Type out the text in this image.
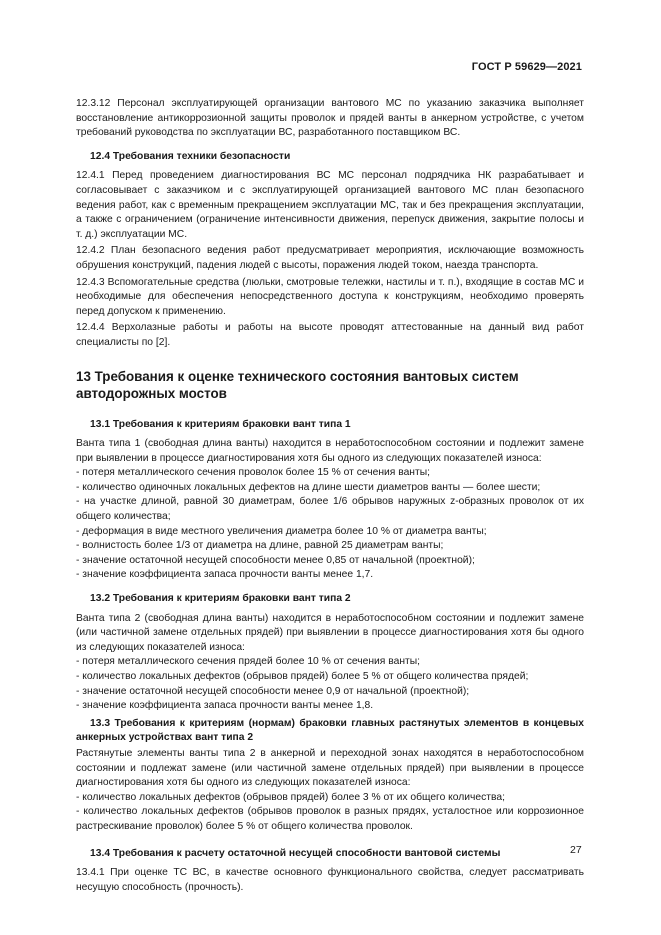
ГОСТ Р 59629—2021

12.3.12 Персонал эксплуатирующей организации вантового МС по указанию заказчика выполняет восстановление антикоррозионной защиты проволок и прядей ванты в анкерном устройстве, с учетом требований руководства по эксплуатации ВС, разработанного поставщиком ВС.

12.4 Требования техники безопасности

12.4.1 Перед проведением диагностирования ВС МС персонал подрядчика НК разрабатывает и согласовывает с заказчиком и с эксплуатирующей организацией вантового МС план безопасного ведения работ, как с временным прекращением эксплуатации МС, так и без прекращения эксплуатации, а также с ограничением (ограничение интенсивности движения, перепуск движения, закрытие полосы и т. д.) эксплуатации МС.

12.4.2 План безопасного ведения работ предусматривает мероприятия, исключающие возможность обрушения конструкций, падения людей с высоты, поражения людей током, наезда транспорта.

12.4.3 Вспомогательные средства (люльки, смотровые тележки, настилы и т. п.), входящие в состав МС и необходимые для обеспечения непосредственного доступа к конструкциям, необходимо проверять перед допуском к применению.

12.4.4 Верхолазные работы и работы на высоте проводят аттестованные на данный вид работ специалисты по [2].

13 Требования к оценке технического состояния вантовых систем автодорожных мостов
13.1 Требования к критериям браковки вант типа 1

Ванта типа 1 (свободная длина ванты) находится в неработоспособном состоянии и подлежит замене при выявлении в процессе диагностирования хотя бы одного из следующих показателей износа:

- потеря металлического сечения проволок более 15 % от сечения ванты;

- количество одиночных локальных дефектов на длине шести диаметров ванты — более шести;

- на участке длиной, равной 30 диаметрам, более 1/6 обрывов наружных z-образных проволок от их общего количества;

- деформация в виде местного увеличения диаметра более 10 % от диаметра ванты;

- волнистость более 1/3 от диаметра на длине, равной 25 диаметрам ванты;

- значение остаточной несущей способности менее 0,85 от начальной (проектной);

- значение коэффициента запаса прочности ванты менее 1,7.

13.2 Требования к критериям браковки вант типа 2

Ванта типа 2 (свободная длина ванты) находится в неработоспособном состоянии и подлежит замене (или частичной замене отдельных прядей) при выявлении в процессе диагностирования хотя бы одного из следующих показателей износа:

- потеря металлического сечения прядей более 10 % от сечения ванты;

- количество локальных дефектов (обрывов прядей) более 5 % от общего количества прядей;

- значение остаточной несущей способности менее 0,9 от начальной (проектной);

- значение коэффициента запаса прочности ванты менее 1,8.

13.3 Требования к критериям (нормам) браковки главных растянутых элементов в концевых анкерных устройствах вант типа 2

Растянутые элементы ванты типа 2 в анкерной и переходной зонах находятся в неработоспособном состоянии и подлежат замене (или частичной замене отдельных прядей) при выявлении в процессе диагностирования хотя бы одного из следующих показателей износа:

- количество локальных дефектов (обрывов прядей) более 3 % от их общего количества;

- количество локальных дефектов (обрывов проволок в разных прядях, усталостное или коррозионное растрескивание проволок) более 5 % от общего количества проволок.

13.4 Требования к расчету остаточной несущей способности вантовой системы

13.4.1 При оценке ТС ВС, в качестве основного функционального свойства, следует рассматривать несущую способность (прочность).

27
